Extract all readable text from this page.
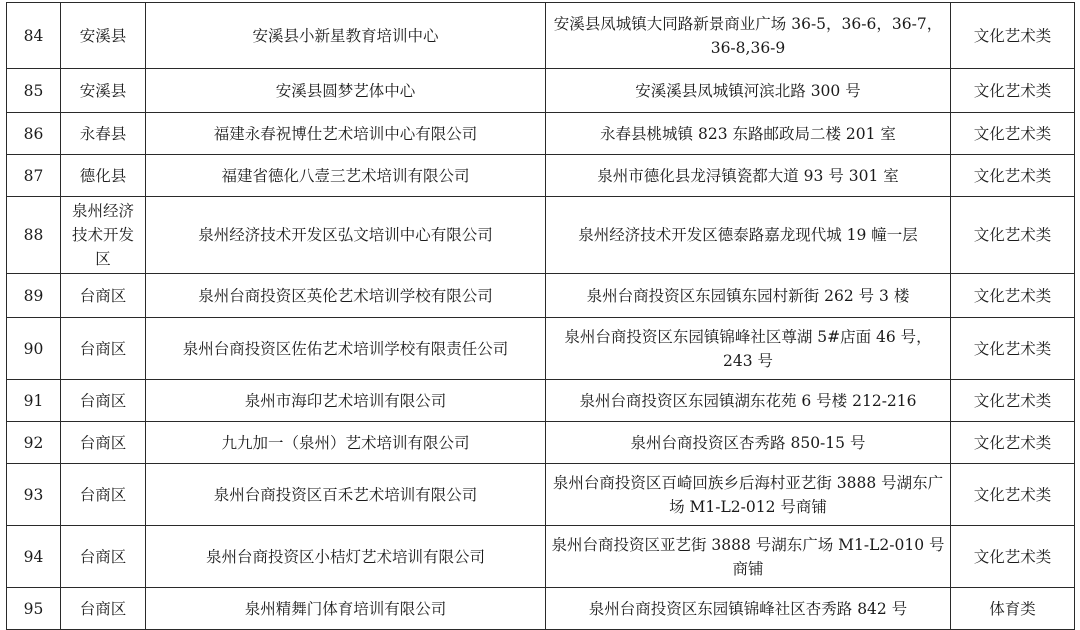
84	安溪县	安溪县小新星教育培训中心	安溪县凤城镇大同路新景商业广场 36-5，36-6，36-7，36-8,36-9	文化艺术类
85	安溪县	安溪县圆梦艺体中心	安溪溪县凤城镇河滨北路 300 号	文化艺术类
86	永春县	福建永春祝博仕艺术培训中心有限公司	永春县桃城镇 823 东路邮政局二楼 201 室	文化艺术类
87	德化县	福建省德化八壹三艺术培训有限公司	泉州市德化县龙浔镇瓷都大道 93 号 301 室	文化艺术类
88	泉州经济技术开发区	泉州经济技术开发区弘文培训中心有限公司	泉州经济技术开发区德泰路嘉龙现代城 19 幢一层	文化艺术类
89	台商区	泉州台商投资区英伦艺术培训学校有限公司	泉州台商投资区东园镇东园村新街 262 号 3 楼	文化艺术类
90	台商区	泉州台商投资区佐佑艺术培训学校有限责任公司	泉州台商投资区东园镇锦峰社区尊湖 5#店面 46 号，243 号	文化艺术类
91	台商区	泉州市海印艺术培训有限公司	泉州台商投资区东园镇湖东花苑 6 号楼 212-216	文化艺术类
92	台商区	九九加一（泉州）艺术培训有限公司	泉州台商投资区杏秀路 850-15 号	文化艺术类
93	台商区	泉州台商投资区百禾艺术培训有限公司	泉州台商投资区百崎回族乡后海村亚艺街 3888 号湖东广场 M1-L2-012 号商铺	文化艺术类
94	台商区	泉州台商投资区小桔灯艺术培训有限公司	泉州台商投资区亚艺街 3888 号湖东广场 M1-L2-010 号商铺	文化艺术类
95	台商区	泉州精舞门体育培训有限公司	泉州台商投资区东园镇锦峰社区杏秀路 842 号	体育类
